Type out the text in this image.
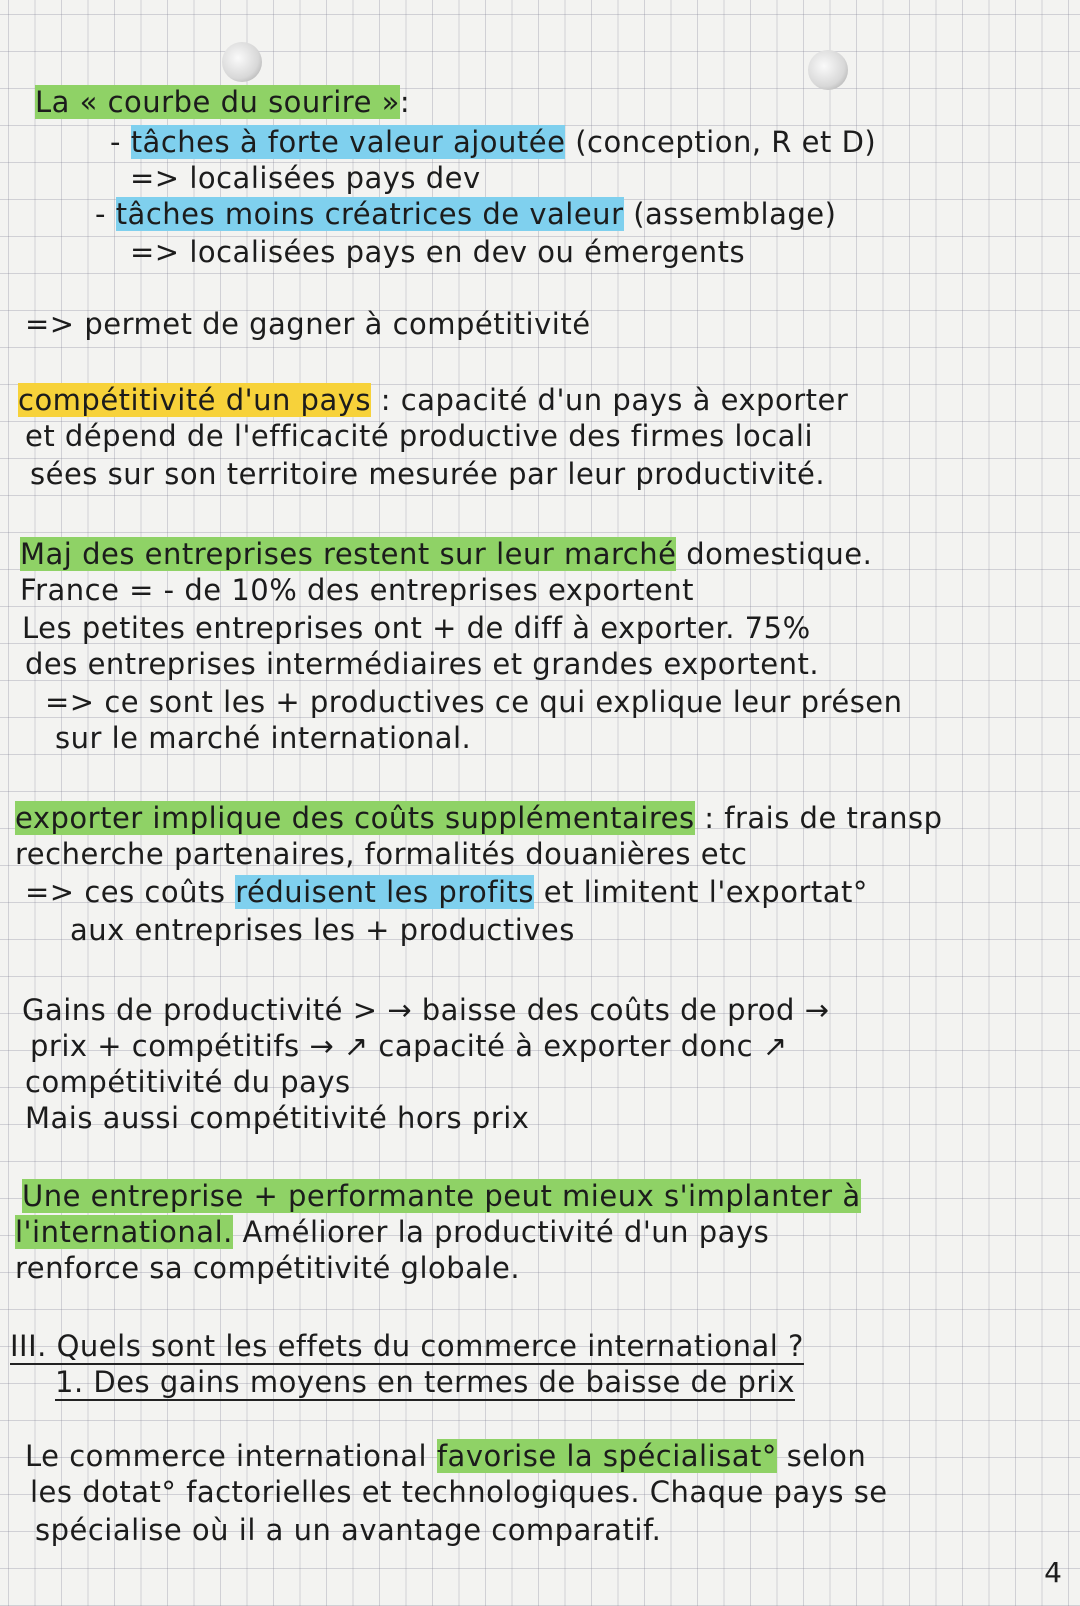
La « courbe du sourire »:
- tâches à forte valeur ajoutée (conception, R et D)
=> localisées pays dev
- tâches moins créatrices de valeur (assemblage)
=> localisées pays en dev ou émergents
=> permet de gagner à compétitivité
compétitivité d'un pays : capacité d'un pays à exporter
et dépend de l'efficacité productive des firmes locali
sées sur son territoire mesurée par leur productivité.
Maj des entreprises restent sur leur marché domestique.
France = - de 10% des entreprises exportent
Les petites entreprises ont + de diff à exporter. 75%
des entreprises intermédiaires et grandes exportent.
=> ce sont les + productives ce qui explique leur présen
sur le marché international.
exporter implique des coûts supplémentaires : frais de transp
recherche partenaires, formalités douanières etc
=> ces coûts réduisent les profits et limitent l'exportat°
aux entreprises les + productives
Gains de productivité > → baisse des coûts de prod →
prix + compétitifs → ↗ capacité à exporter donc ↗
compétitivité du pays
Mais aussi compétitivité hors prix
Une entreprise + performante peut mieux s'implanter à
l'international. Améliorer la productivité d'un pays
renforce sa compétitivité globale.
III. Quels sont les effets du commerce international ?
1. Des gains moyens en termes de baisse de prix
Le commerce international favorise la spécialisat° selon
les dotat° factorielles et technologiques. Chaque pays se
spécialise où il a un avantage comparatif.
4
